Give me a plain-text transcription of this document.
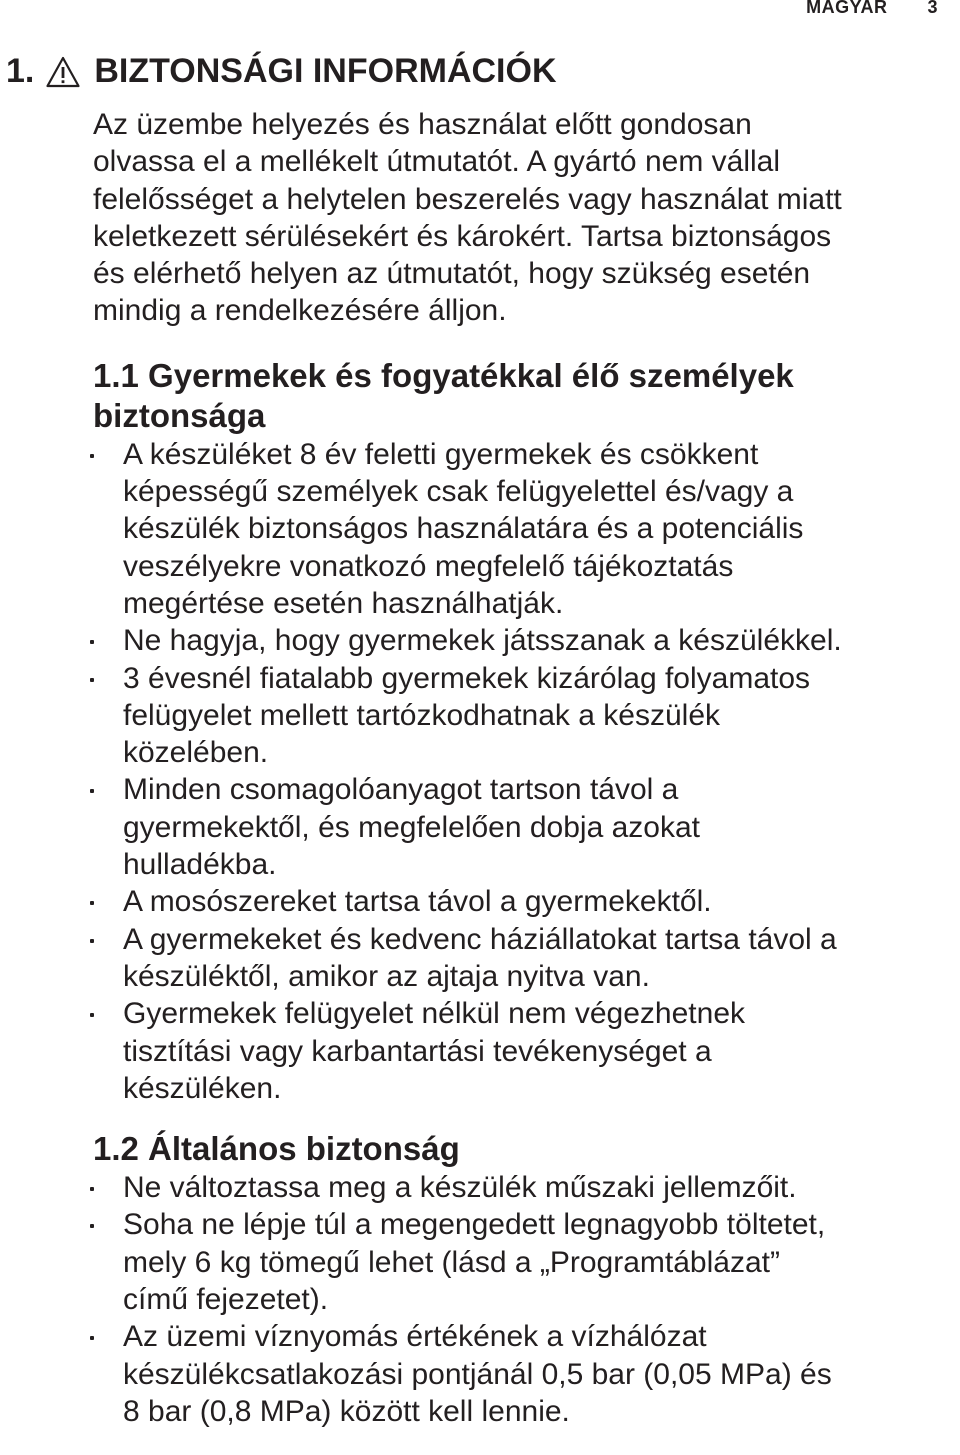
MAGYAR 3
1. BIZTONSÁGI INFORMÁCIÓK
Az üzembe helyezés és használat előtt gondosan
olvassa el a mellékelt útmutatót. A gyártó nem vállal
felelősséget a helytelen beszerelés vagy használat miatt
keletkezett sérülésekért és károkért. Tartsa biztonságos
és elérhető helyen az útmutatót, hogy szükség esetén
mindig a rendelkezésére álljon.
1.1 Gyermekek és fogyatékkal élő személyek
biztonsága
A készüléket 8 év feletti gyermekek és csökkent
képességű személyek csak felügyelettel és/vagy a
készülék biztonságos használatára és a potenciális
veszélyekre vonatkozó megfelelő tájékoztatás
megértése esetén használhatják.
Ne hagyja, hogy gyermekek játsszanak a készülékkel.
3 évesnél fiatalabb gyermekek kizárólag folyamatos
felügyelet mellett tartózkodhatnak a készülék
közelében.
Minden csomagolóanyagot tartson távol a
gyermekektől, és megfelelően dobja azokat
hulladékba.
A mosószereket tartsa távol a gyermekektől.
A gyermekeket és kedvenc háziállatokat tartsa távol a
készüléktől, amikor az ajtaja nyitva van.
Gyermekek felügyelet nélkül nem végezhetnek
tisztítási vagy karbantartási tevékenységet a
készüléken.
1.2 Általános biztonság
Ne változtassa meg a készülék műszaki jellemzőit.
Soha ne lépje túl a megengedett legnagyobb töltetet,
mely 6 kg tömegű lehet (lásd a „Programtáblázat”
című fejezetet).
Az üzemi víznyomás értékének a vízhálózat
készülékcsatlakozási pontjánál 0,5 bar (0,05 MPa) és
8 bar (0,8 MPa) között kell lennie.
